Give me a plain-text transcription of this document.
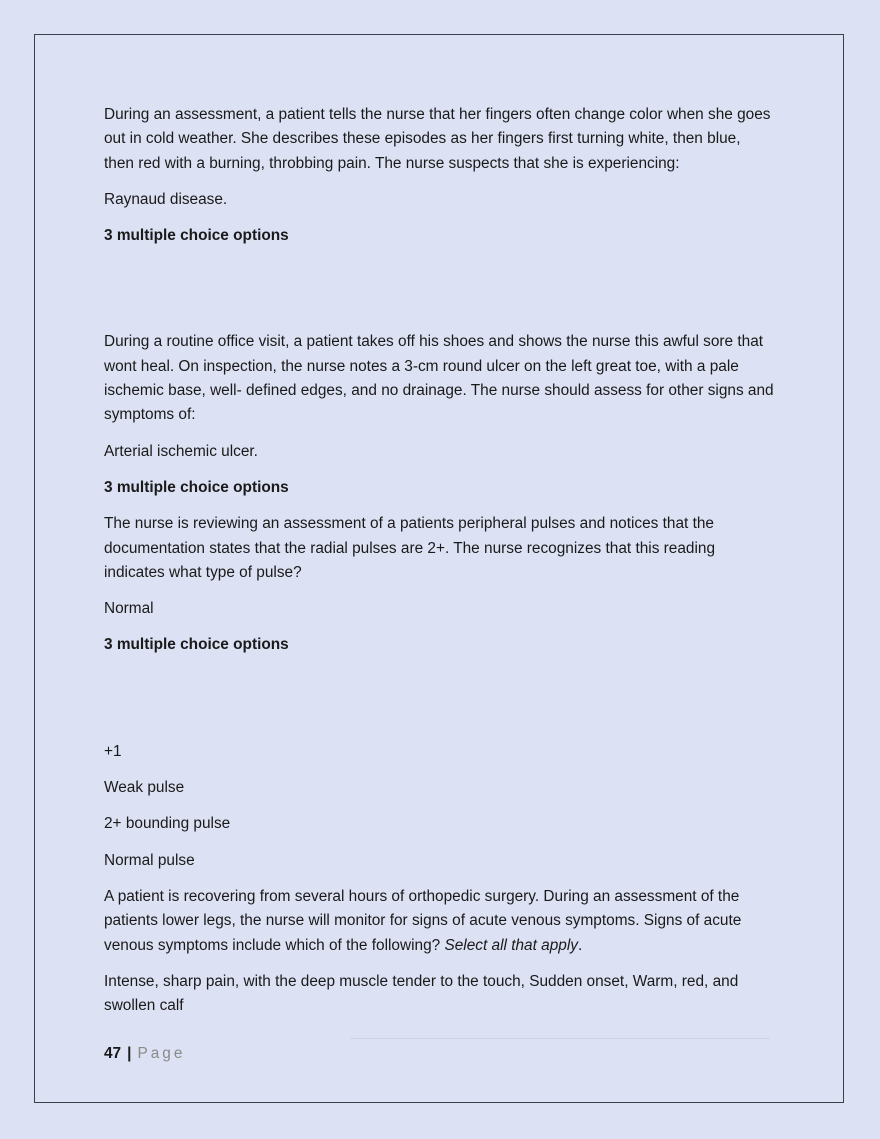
During an assessment, a patient tells the nurse that her fingers often change color when she goes out in cold weather. She describes these episodes as her fingers first turning white, then blue, then red with a burning, throbbing pain. The nurse suspects that she is experiencing:

Raynaud disease.

3 multiple choice options

During a routine office visit, a patient takes off his shoes and shows the nurse this awful sore that wont heal. On inspection, the nurse notes a 3-cm round ulcer on the left great toe, with a pale ischemic base, well- defined edges, and no drainage. The nurse should assess for other signs and symptoms of:

Arterial ischemic ulcer.

3 multiple choice options

The nurse is reviewing an assessment of a patients peripheral pulses and notices that the documentation states that the radial pulses are 2+. The nurse recognizes that this reading indicates what type of pulse?

Normal

3 multiple choice options

+1

Weak pulse

2+ bounding pulse

Normal pulse

A patient is recovering from several hours of orthopedic surgery. During an assessment of the patients lower legs, the nurse will monitor for signs of acute venous symptoms. Signs of acute venous symptoms include which of the following? Select all that apply.

Intense, sharp pain, with the deep muscle tender to the touch, Sudden onset, Warm, red, and swollen calf

47 | Page
